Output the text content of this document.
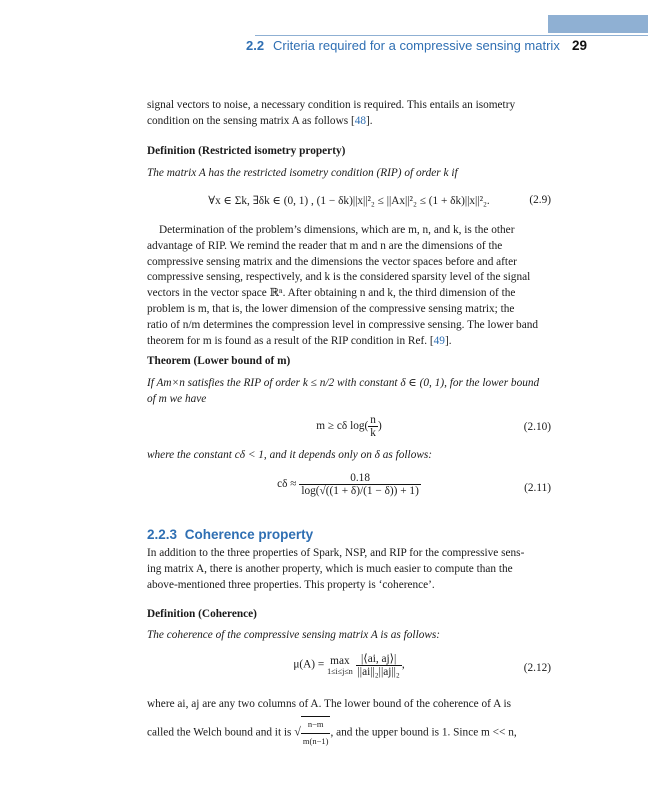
2.2 Criteria required for a compressive sensing matrix 29
signal vectors to noise, a necessary condition is required. This entails an isometry
condition on the sensing matrix A as follows [48].
Definition (Restricted isometry property)
The matrix A has the restricted isometry condition (RIP) of order k if
∀x ∈ Σk, ∃δk ∈ (0, 1) , (1 − δk)||x||²₂ ≤ ||Ax||²₂ ≤ (1 + δk)||x||²₂.	(2.9)
Determination of the problem’s dimensions, which are m, n, and k, is the other
advantage of RIP. We remind the reader that m and n are the dimensions of the
compressive sensing matrix and the dimensions the vector spaces before and after
compressive sensing, respectively, and k is the considered sparsity level of the signal
vectors in the vector space ℝⁿ. After obtaining n and k, the third dimension of the
problem is m, that is, the lower dimension of the compressive sensing matrix; the
ratio of n/m determines the compression level in compressive sensing. The lower band
theorem for m is found as a result of the RIP condition in Ref. [49].
Theorem (Lower bound of m)
If Am×n satisfies the RIP of order k ≤ n/2 with constant δ ∈ (0, 1), for the lower bound
of m we have
m ≥ cδ $\log( \frac{n}{k}$ )	(2.10)
where the constant cδ < 1, and it depends only on δ as follows:
$c\delta \approx \frac{0.18}{\log(√((1 + \delta)/(1 - \delta)) + 1)}$	(2.11)
2.2.3 Coherence property
In addition to the three properties of Spark, NSP, and RIP for the compressive sens-
ing matrix A, there is another property, which is much easier to compute than the
above-mentioned three properties. This property is ‘coherence’.
Definition (Coherence)
The coherence of the compressive sensing matrix A is as follows:
μ(A) = max
1≤i≤j≤n
$\frac{|⟨ai, aj⟩|}{\text{||ai||₂||aj||₂}}$ ,	(2.12)
where ai, aj are any two columns of A. The lower bound of the coherence of A is
called the Welch bound and it is √ $\frac{n-m}{m(n-1)}$ , and the upper bound is 1. Since m << n,
